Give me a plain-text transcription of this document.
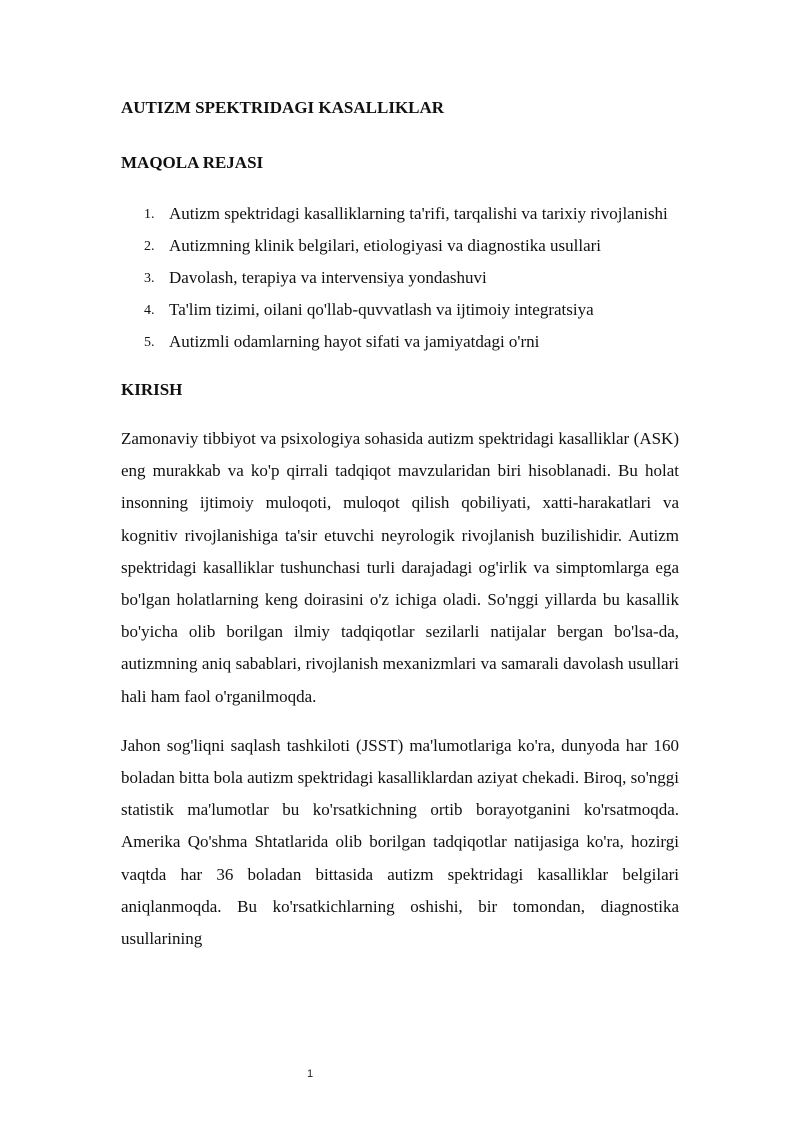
AUTIZM SPEKTRIDAGI KASALLIKLAR
MAQOLA REJASI
1. Autizm spektridagi kasalliklarning ta'rifi, tarqalishi va tarixiy rivojlanishi
2. Autizmning klinik belgilari, etiologiyasi va diagnostika usullari
3. Davolash, terapiya va intervensiya yondashuvi
4. Ta'lim tizimi, oilani qo'llab-quvvatlash va ijtimoiy integratsiya
5. Autizmli odamlarning hayot sifati va jamiyatdagi o'rni
KIRISH

Zamonaviy tibbiyot va psixologiya sohasida autizm spektridagi kasalliklar (ASK) eng murakkab va ko'p qirrali tadqiqot mavzularidan biri hisoblanadi. Bu holat insonning ijtimoiy muloqoti, muloqot qilish qobiliyati, xatti-harakatlari va kognitiv rivojlanishiga ta'sir etuvchi neyrologik rivojlanish buzilishidir. Autizm spektridagi kasalliklar tushunchasi turli darajadagi og'irlik va simptomlarga ega bo'lgan holatlarning keng doirasini o'z ichiga oladi. So'nggi yillarda bu kasallik bo'yicha olib borilgan ilmiy tadqiqotlar sezilarli natijalar bergan bo'lsa-da, autizmning aniq sabablari, rivojlanish mexanizmlari va samarali davolash usullari hali ham faol o'rganilmoqda.

Jahon sog'liqni saqlash tashkiloti (JSST) ma'lumotlariga ko'ra, dunyoda har 160 boladan bitta bola autizm spektridagi kasalliklardan aziyat chekadi. Biroq, so'nggi statistik ma'lumotlar bu ko'rsatkichning ortib borayotganini ko'rsatmoqda. Amerika Qo'shma Shtatlarida olib borilgan tadqiqotlar natijasiga ko'ra, hozirgi vaqtda har 36 boladan bittasida autizm spektridagi kasalliklar belgilari aniqlanmoqda. Bu ko'rsatkichlarning oshishi, bir tomondan, diagnostika usullarining

1
